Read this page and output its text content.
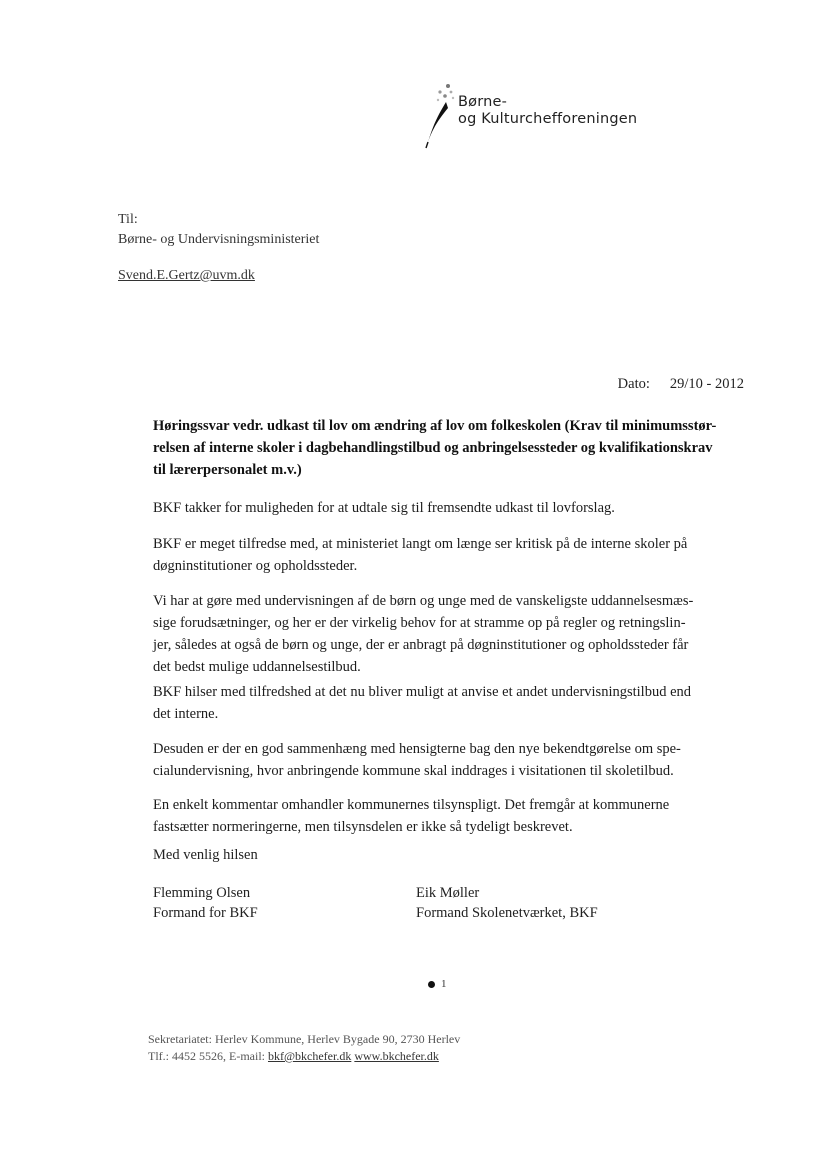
Børne-
og Kulturchefforeningen
Til:
Børne- og Undervisningsministeriet
Svend.E.Gertz@uvm.dk
Dato: 29/10 - 2012
Høringssvar vedr. udkast til lov om ændring af lov om folkeskolen (Krav til minimumsstør-
relsen af interne skoler i dagbehandlingstilbud og anbringelsessteder og kvalifikationskrav
til lærerpersonalet m.v.)
BKF takker for muligheden for at udtale sig til fremsendte udkast til lovforslag.
BKF er meget tilfredse med, at ministeriet langt om længe ser kritisk på de interne skoler på
døgninstitutioner og opholdssteder.
Vi har at gøre med undervisningen af de børn og unge med de vanskeligste uddannelsesmæs-
sige forudsætninger, og her er der virkelig behov for at stramme op på regler og retningslin-
jer, således at også de børn og unge, der er anbragt på døgninstitutioner og opholdssteder får
det bedst mulige uddannelsestilbud.
BKF hilser med tilfredshed at det nu bliver muligt at anvise et andet undervisningstilbud end
det interne.
Desuden er der en god sammenhæng med hensigterne bag den nye bekendtgørelse om spe-
cialundervisning, hvor anbringende kommune skal inddrages i visitationen til skoletilbud.
En enkelt kommentar omhandler kommunernes tilsynspligt. Det fremgår at kommunerne
fastsætter normeringerne, men tilsynsdelen er ikke så tydeligt beskrevet.
Med venlig hilsen
Flemming Olsen
Formand for BKF
Eik Møller
Formand Skolenetværket, BKF
1
Sekretariatet: Herlev Kommune, Herlev Bygade 90, 2730 Herlev
Tlf.: 4452 5526, E-mail: bkf@bkchefer.dk www.bkchefer.dk
